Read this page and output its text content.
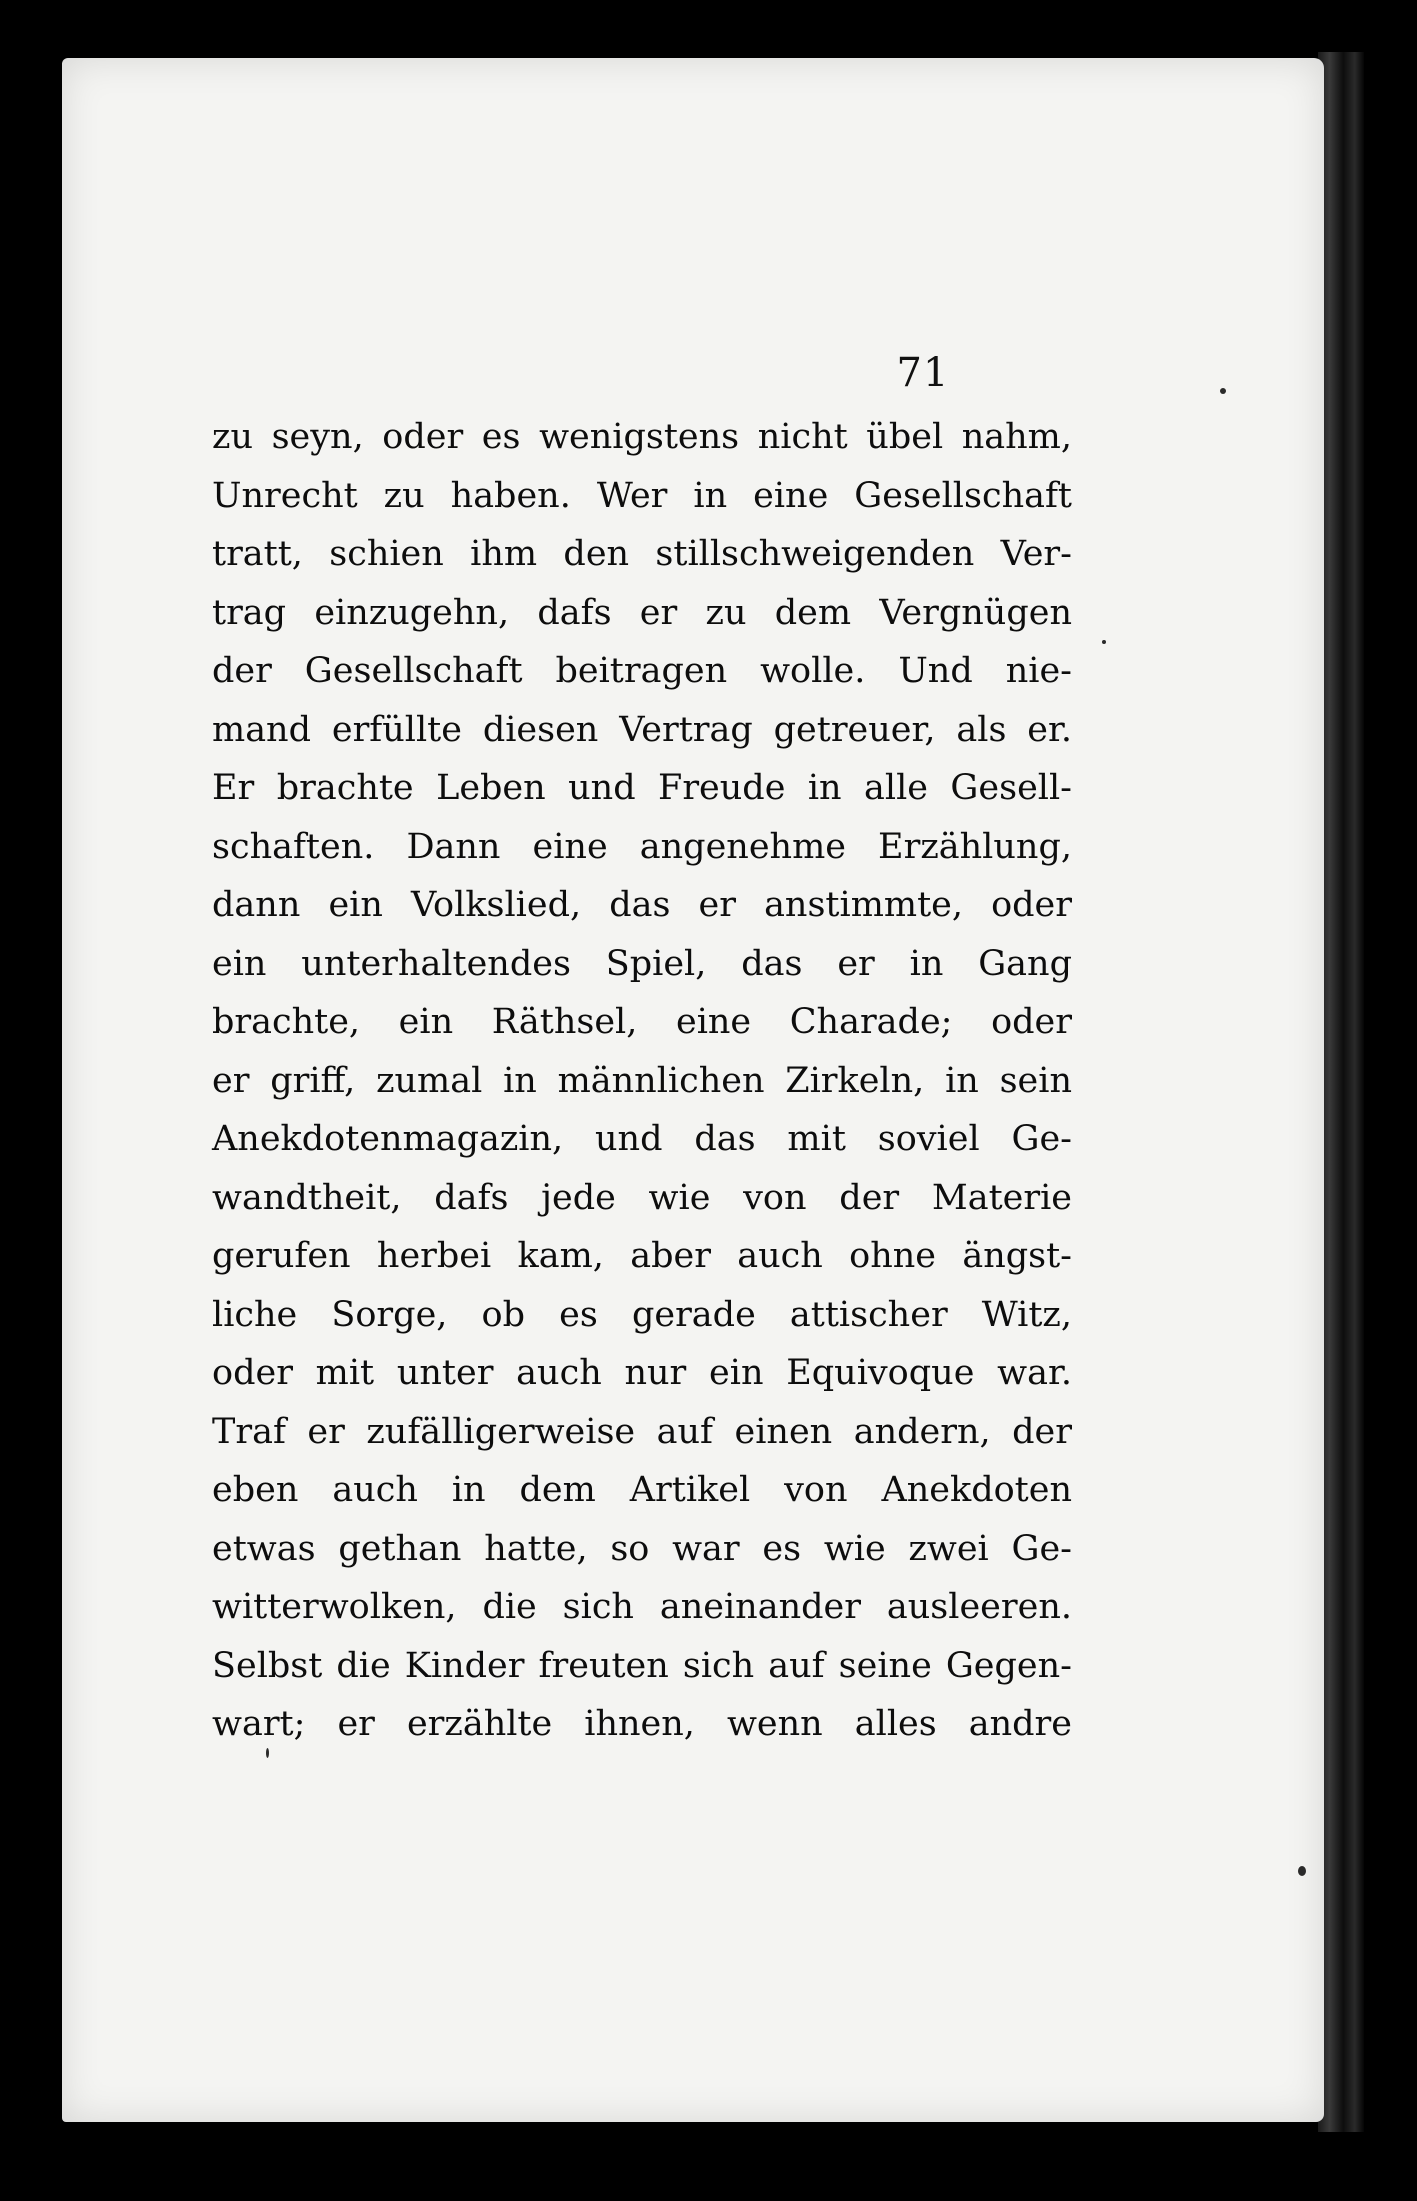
71
zu seyn, oder es wenigstens nicht übel nahm,
Unrecht zu haben. Wer in eine Gesellschaft
tratt, schien ihm den stillschweigenden Ver-
trag einzugehn, dafs er zu dem Vergnügen
der Gesellschaft beitragen wolle. Und nie-
mand erfüllte diesen Vertrag getreuer, als er.
Er brachte Leben und Freude in alle Gesell-
schaften. Dann eine angenehme Erzählung,
dann ein Volkslied, das er anstimmte, oder
ein unterhaltendes Spiel, das er in Gang
brachte, ein Räthsel, eine Charade; oder
er griff, zumal in männlichen Zirkeln, in sein
Anekdotenmagazin, und das mit soviel Ge-
wandtheit, dafs jede wie von der Materie
gerufen herbei kam, aber auch ohne ängst-
liche Sorge, ob es gerade attischer Witz,
oder mit unter auch nur ein Equivoque war.
Traf er zufälligerweise auf einen andern, der
eben auch in dem Artikel von Anekdoten
etwas gethan hatte, so war es wie zwei Ge-
witterwolken, die sich aneinander ausleeren.
Selbst die Kinder freuten sich auf seine Gegen-
wart; er erzählte ihnen, wenn alles andre
